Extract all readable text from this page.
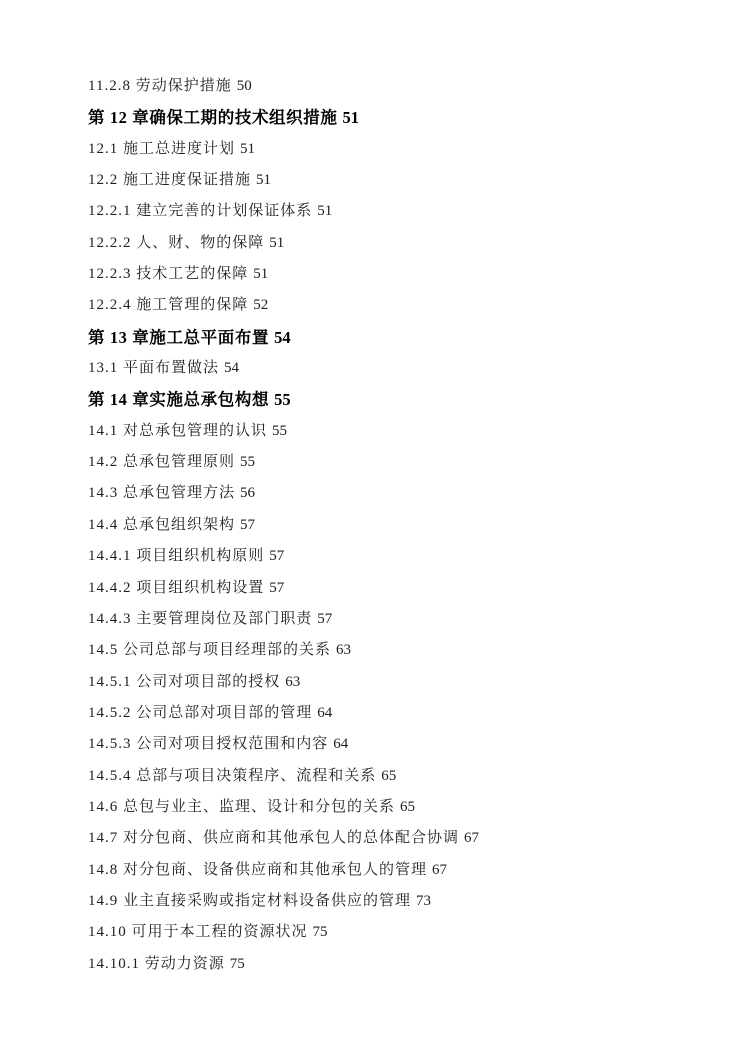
11.2.8 劳动保护措施 50
第 12 章确保工期的技术组织措施 51
12.1 施工总进度计划 51
12.2 施工进度保证措施 51
12.2.1 建立完善的计划保证体系 51
12.2.2 人、财、物的保障 51
12.2.3 技术工艺的保障 51
12.2.4 施工管理的保障 52
第 13 章施工总平面布置 54
13.1 平面布置做法 54
第 14 章实施总承包构想 55
14.1 对总承包管理的认识 55
14.2 总承包管理原则 55
14.3 总承包管理方法 56
14.4 总承包组织架构 57
14.4.1 项目组织机构原则 57
14.4.2 项目组织机构设置 57
14.4.3 主要管理岗位及部门职责 57
14.5 公司总部与项目经理部的关系 63
14.5.1 公司对项目部的授权 63
14.5.2 公司总部对项目部的管理 64
14.5.3 公司对项目授权范围和内容 64
14.5.4 总部与项目决策程序、流程和关系 65
14.6 总包与业主、监理、设计和分包的关系 65
14.7 对分包商、供应商和其他承包人的总体配合协调 67
14.8 对分包商、设备供应商和其他承包人的管理 67
14.9 业主直接采购或指定材料设备供应的管理 73
14.10 可用于本工程的资源状况 75
14.10.1 劳动力资源 75
